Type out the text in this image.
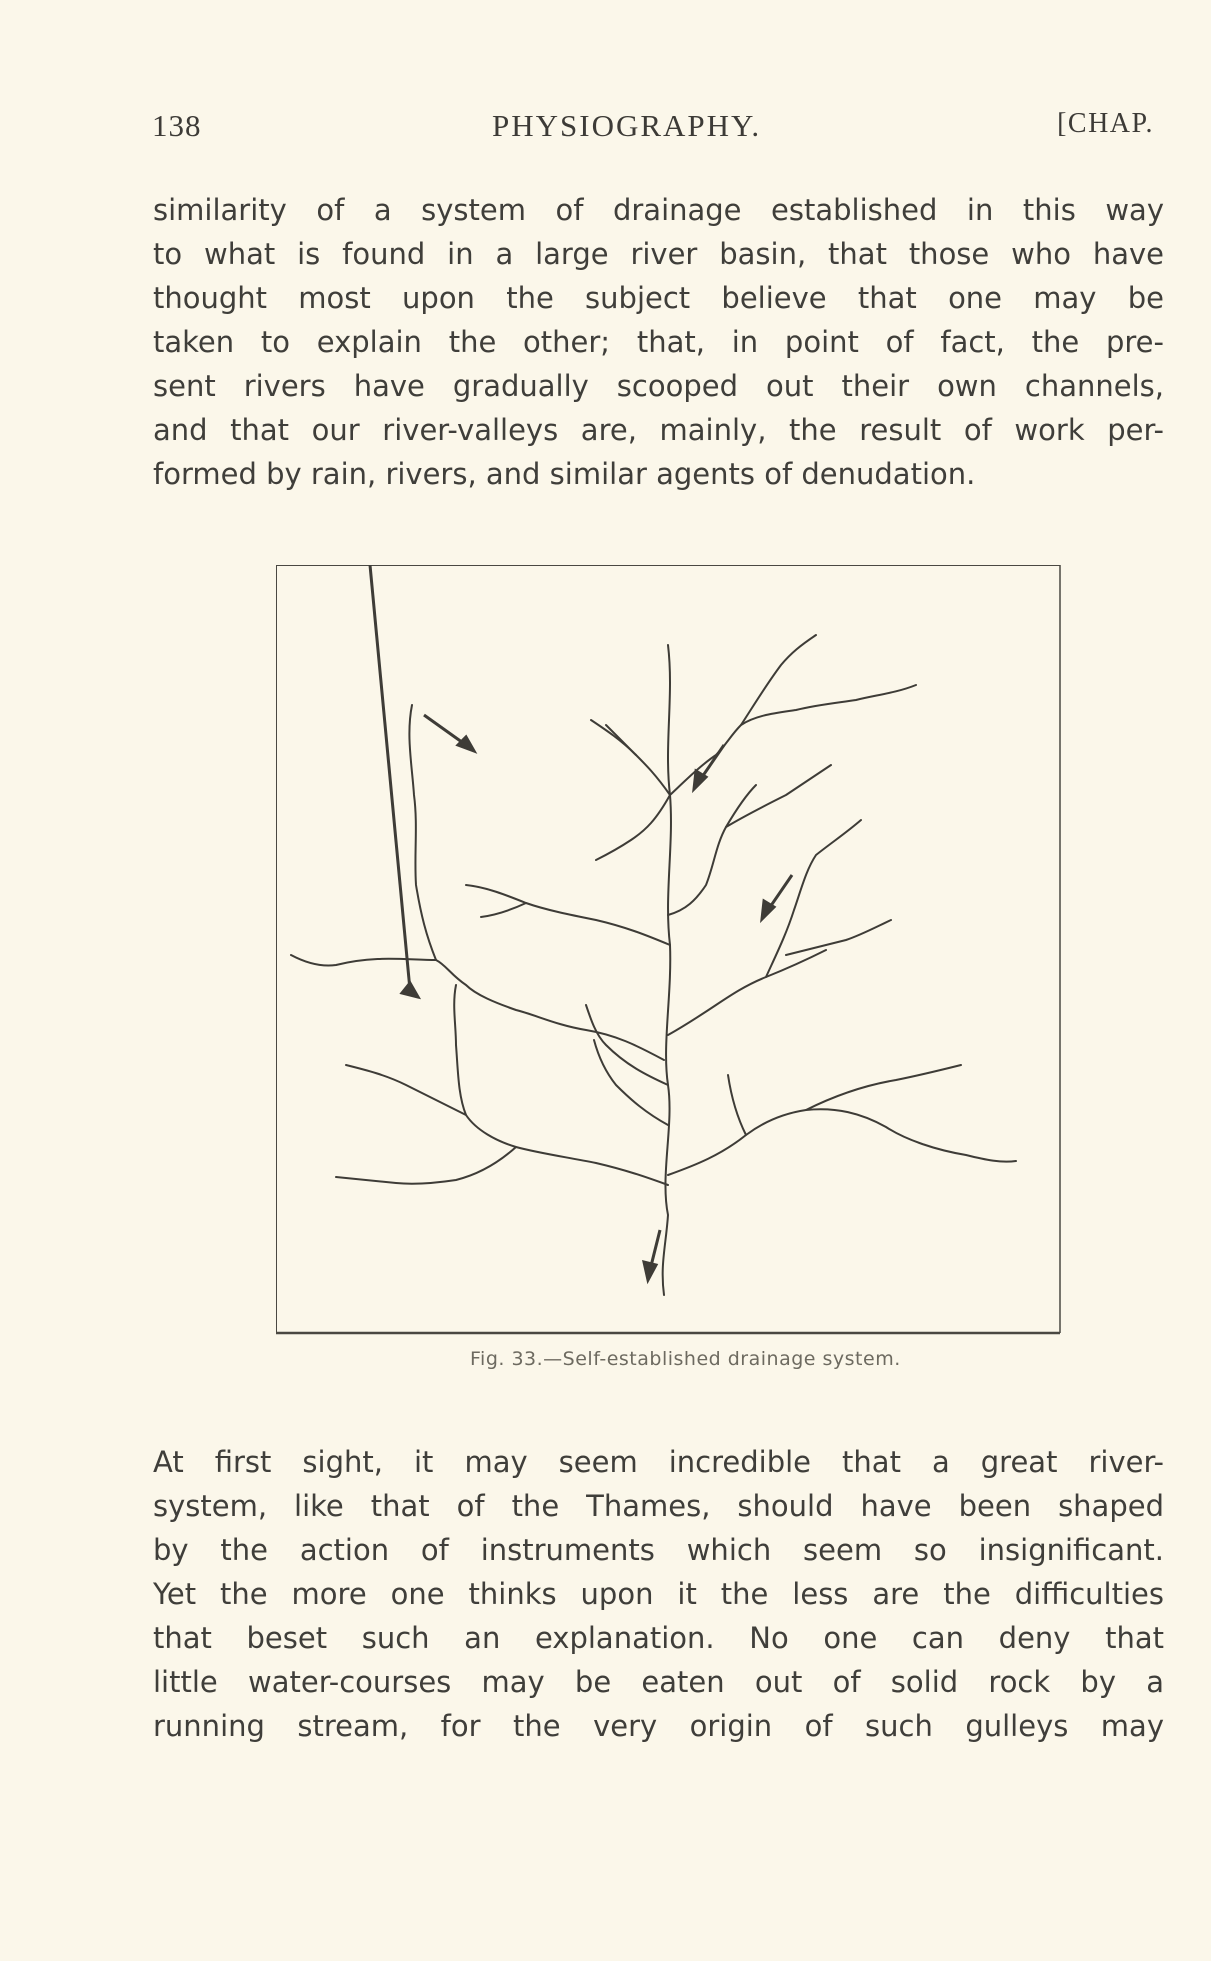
138	PHYSIOGRAPHY.	[CHAP.
similarity of a system of drainage established in this way
to what is found in a large river basin, that those who have
thought most upon the subject believe that one may be
taken to explain the other; that, in point of fact, the pre-
sent rivers have gradually scooped out their own channels,
and that our river-valleys are, mainly, the result of work per-
formed by rain, rivers, and similar agents of denudation.
Fig. 33.—Self-established drainage system.
At first sight, it may seem incredible that a great river-
system, like that of the Thames, should have been shaped
by the action of instruments which seem so insignificant.
Yet the more one thinks upon it the less are the difficulties
that beset such an explanation. No one can deny that
little water-courses may be eaten out of solid rock by a
running stream, for the very origin of such gulleys may
